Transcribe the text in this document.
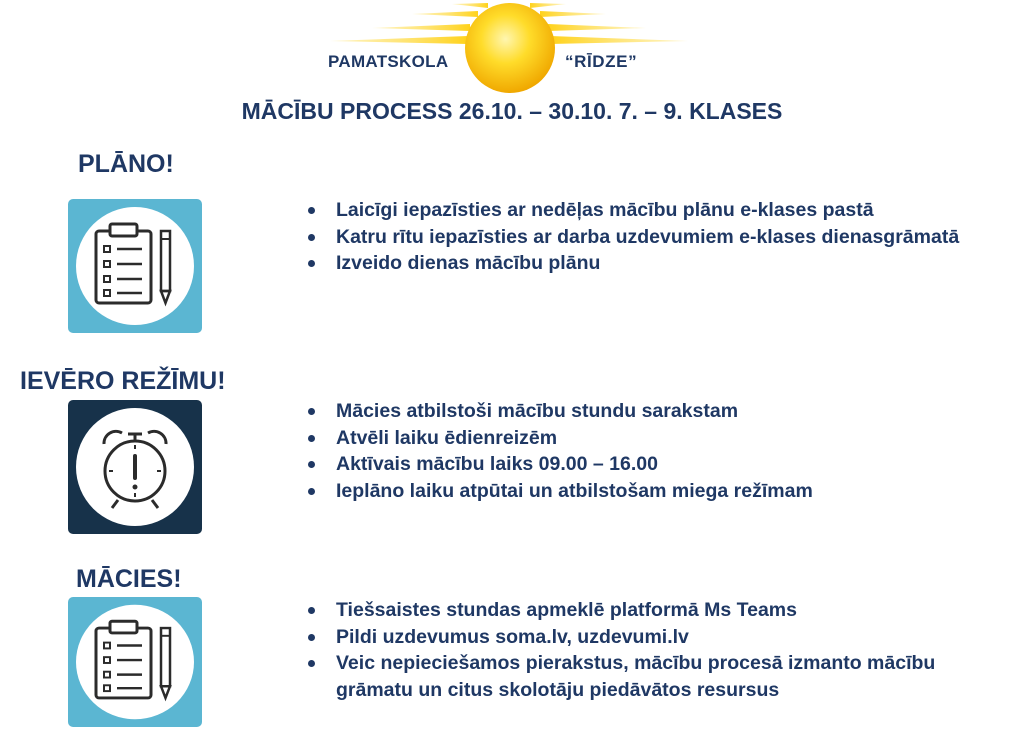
PAMATSKOLA	“RĪDZE”
MĀCĪBU PROCESS 26.10. – 30.10. 7. – 9. KLASES
PLĀNO!
Laicīgi iepazīsties ar nedēļas mācību plānu e-klases pastā
Katru rītu iepazīsties ar darba uzdevumiem e-klases dienasgrāmatā
Izveido dienas mācību plānu
IEVĒRO REŽĪMU!
Mācies atbilstoši mācību stundu sarakstam
Atvēli laiku ēdienreizēm
Aktīvais mācību laiks 09.00 – 16.00
Ieplāno laiku atpūtai un atbilstošam miega režīmam
MĀCIES!
Tiešsaistes stundas apmeklē platformā Ms Teams
Pildi uzdevumus soma.lv, uzdevumi.lv
Veic nepieciešamos pierakstus, mācību procesā izmanto mācību grāmatu un citus skolotāju piedāvātos resursus
